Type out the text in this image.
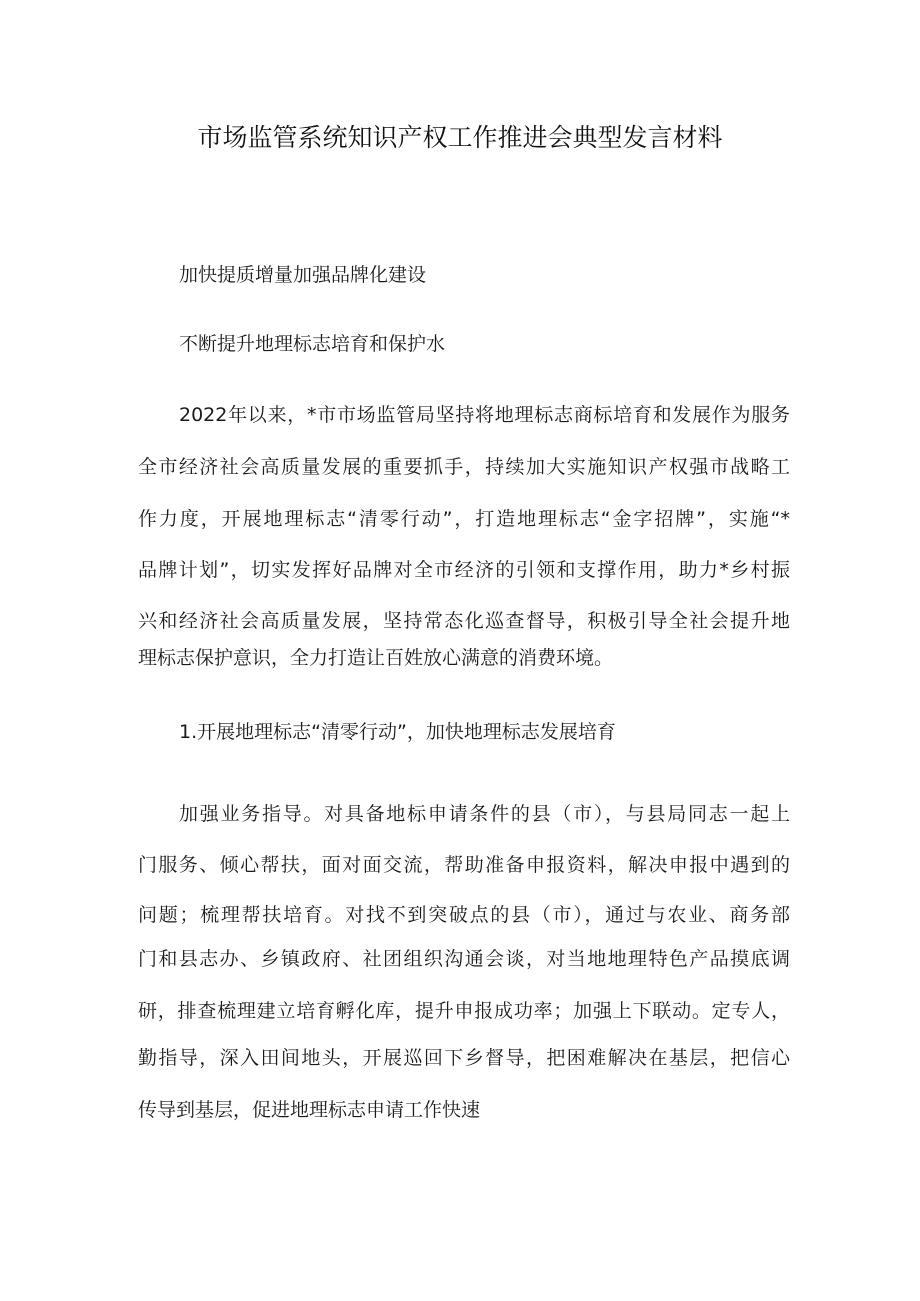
市场监管系统知识产权工作推进会典型发言材料
加快提质增量加强品牌化建设
不断提升地理标志培育和保护水
2022年以来，*市市场监管局坚持将地理标志商标培育和发展作为服务
全市经济社会高质量发展的重要抓手，持续加大实施知识产权强市战略工
作力度，开展地理标志“清零行动”，打造地理标志“金字招牌”，实施“*
品牌计划”，切实发挥好品牌对全市经济的引领和支撑作用，助力*乡村振
兴和经济社会高质量发展，坚持常态化巡查督导，积极引导全社会提升地
理标志保护意识，全力打造让百姓放心满意的消费环境。
1.开展地理标志“清零行动”，加快地理标志发展培育
加强业务指导。对具备地标申请条件的县（市），与县局同志一起上
门服务、倾心帮扶，面对面交流，帮助准备申报资料，解决申报中遇到的
问题；梳理帮扶培育。对找不到突破点的县（市），通过与农业、商务部
门和县志办、乡镇政府、社团组织沟通会谈，对当地地理特色产品摸底调
研，排查梳理建立培育孵化库，提升申报成功率；加强上下联动。定专人，
勤指导，深入田间地头，开展巡回下乡督导，把困难解决在基层，把信心
传导到基层，促进地理标志申请工作快速
